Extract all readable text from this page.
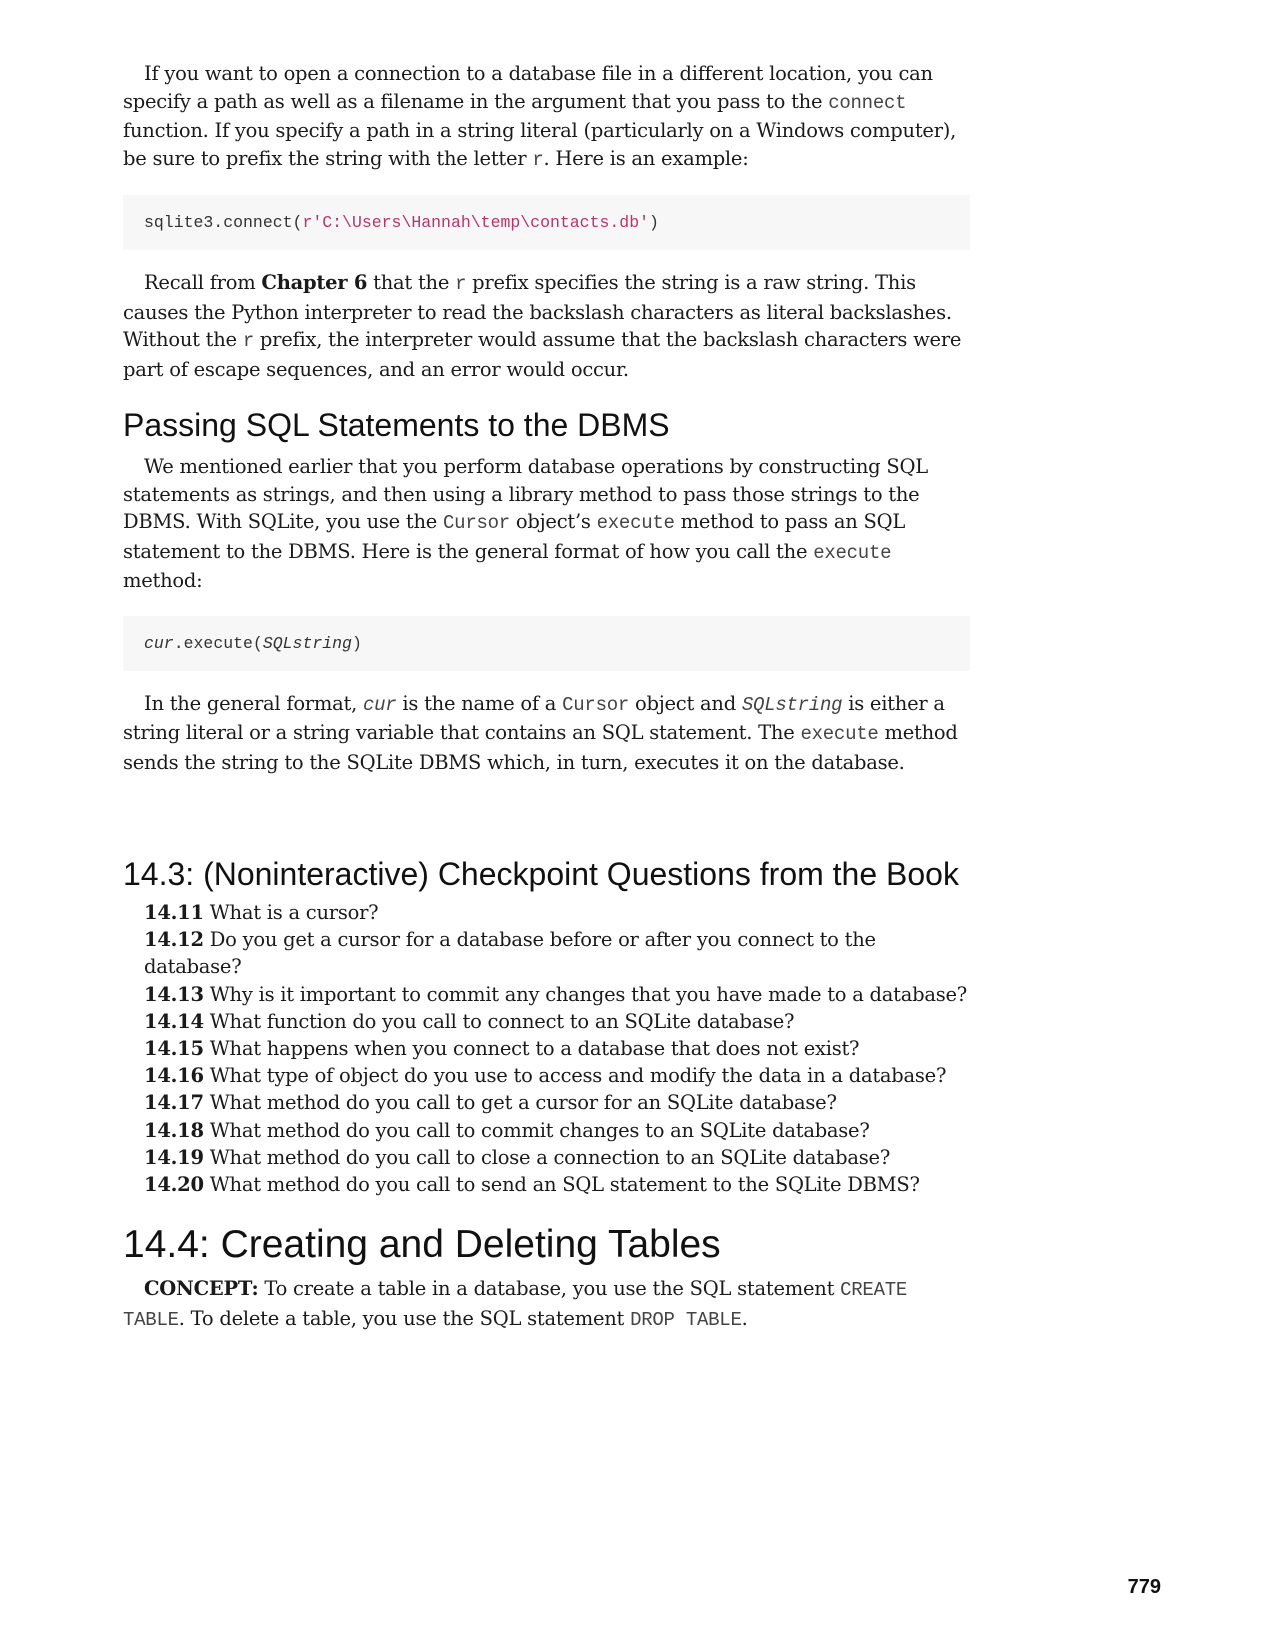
If you want to open a connection to a database file in a different location, you can specify a path as well as a filename in the argument that you pass to the connect function. If you specify a path in a string literal (particularly on a Windows computer), be sure to prefix the string with the letter r. Here is an example:

sqlite3.connect(r'C:\Users\Hannah\temp\contacts.db')

Recall from Chapter 6 that the r prefix specifies the string is a raw string. This causes the Python interpreter to read the backslash characters as literal backslashes. Without the r prefix, the interpreter would assume that the backslash characters were part of escape sequences, and an error would occur.

Passing SQL Statements to the DBMS

We mentioned earlier that you perform database operations by constructing SQL statements as strings, and then using a library method to pass those strings to the DBMS. With SQLite, you use the Cursor object’s execute method to pass an SQL statement to the DBMS. Here is the general format of how you call the execute method:

cur.execute(SQLstring)

In the general format, cur is the name of a Cursor object and SQLstring is either a string literal or a string variable that contains an SQL statement. The execute method sends the string to the SQLite DBMS which, in turn, executes it on the database.

14.3: (Noninteractive) Checkpoint Questions from the Book
14.11 What is a cursor?
14.12 Do you get a cursor for a database before or after you connect to the database?
14.13 Why is it important to commit any changes that you have made to a database?
14.14 What function do you call to connect to an SQLite database?
14.15 What happens when you connect to a database that does not exist?
14.16 What type of object do you use to access and modify the data in a database?
14.17 What method do you call to get a cursor for an SQLite database?
14.18 What method do you call to commit changes to an SQLite database?
14.19 What method do you call to close a connection to an SQLite database?
14.20 What method do you call to send an SQL statement to the SQLite DBMS?
14.4: Creating and Deleting Tables

CONCEPT: To create a table in a database, you use the SQL statement CREATE TABLE. To delete a table, you use the SQL statement DROP TABLE.

779
